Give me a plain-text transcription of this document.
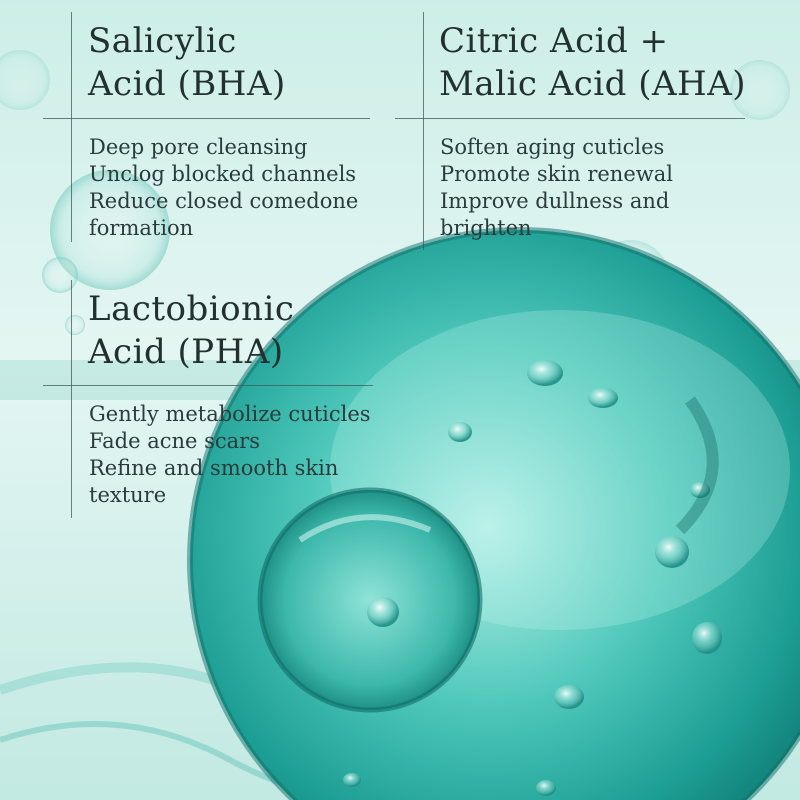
Salicylic
Acid (BHA)
Deep pore cleansing
Unclog blocked channels
Reduce closed comedone
formation
Citric Acid +
Malic Acid (AHA)
Soften aging cuticles
Promote skin renewal
Improve dullness and
brighten
Lactobionic
Acid (PHA)
Gently metabolize cuticles
Fade acne scars
Refine and smooth skin
texture
